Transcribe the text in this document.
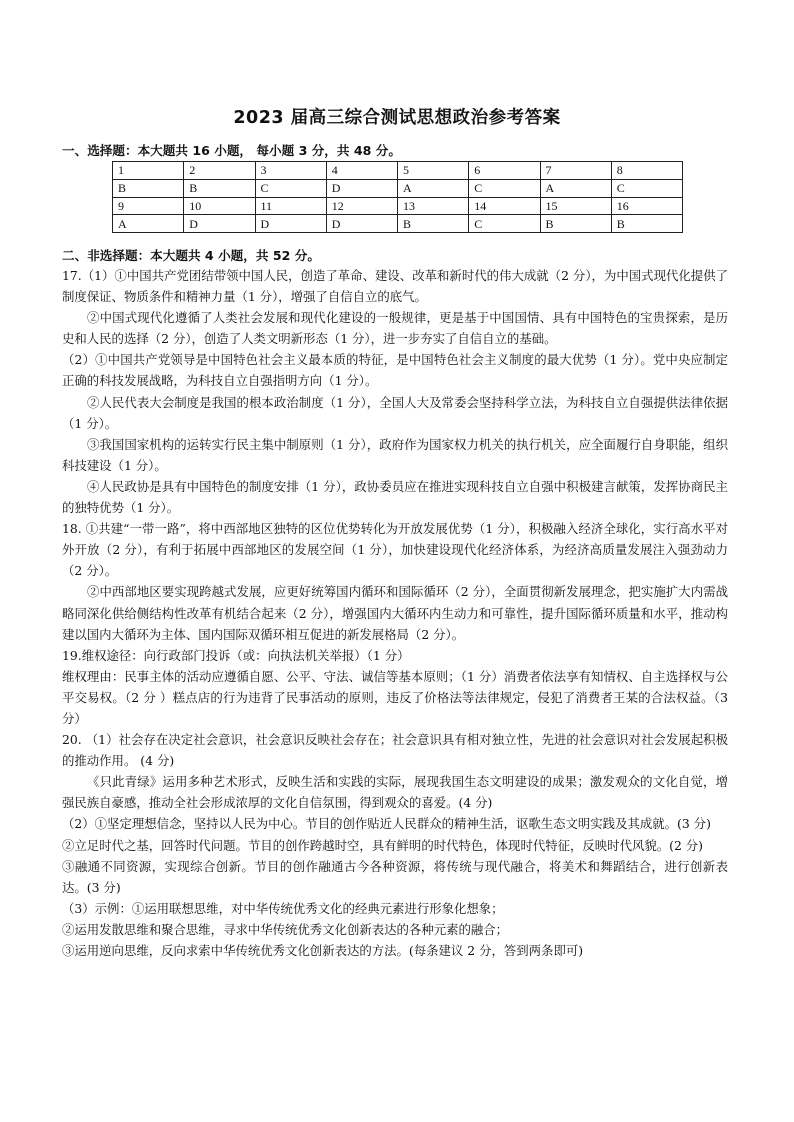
2023 届高三综合测试思想政治参考答案
一、选择题：本大题共 16 小题， 每小题 3 分，共 48 分。
1	2	3	4	5	6	7	8
B	B	C	D	A	C	A	C
9	10	11	12	13	14	15	16
A	D	D	D	B	C	B	B
二、非选择题：本大题共 4 小题，共 52 分。

17.（1）①中国共产党团结带领中国人民，创造了革命、建设、改革和新时代的伟大成就（2 分），为中国式现代化提供了制度保证、物质条件和精神力量（1 分），增强了自信自立的底气。

②中国式现代化遵循了人类社会发展和现代化建设的一般规律，更是基于中国国情、具有中国特色的宝贵探索，是历史和人民的选择（2 分），创造了人类文明新形态（1 分），进一步夯实了自信自立的基础。

（2）①中国共产党领导是中国特色社会主义最本质的特征，是中国特色社会主义制度的最大优势（1 分）。党中央应制定正确的科技发展战略，为科技自立自强指明方向（1 分）。

②人民代表大会制度是我国的根本政治制度（1 分），全国人大及常委会坚持科学立法，为科技自立自强提供法律依据（1 分）。

③我国国家机构的运转实行民主集中制原则（1 分），政府作为国家权力机关的执行机关，应全面履行自身职能，组织科技建设（1 分）。

④人民政协是具有中国特色的制度安排（1 分），政协委员应在推进实现科技自立自强中积极建言献策，发挥协商民主的独特优势（1 分）。

18. ①共建“一带一路”，将中西部地区独特的区位优势转化为开放发展优势（1 分），积极融入经济全球化，实行高水平对外开放（2 分），有利于拓展中西部地区的发展空间（1 分），加快建设现代化经济体系，为经济高质量发展注入强劲动力（2 分）。

②中西部地区要实现跨越式发展，应更好统筹国内循环和国际循环（2 分），全面贯彻新发展理念，把实施扩大内需战略同深化供给侧结构性改革有机结合起来（2 分），增强国内大循环内生动力和可靠性，提升国际循环质量和水平，推动构建以国内大循环为主体、国内国际双循环相互促进的新发展格局（2 分）。

19.维权途径：向行政部门投诉（或：向执法机关举报）（1 分）

维权理由：民事主体的活动应遵循自愿、公平、守法、诚信等基本原则；（1 分）消费者依法享有知情权、自主选择权与公平交易权。（2 分 ）糕点店的行为违背了民事活动的原则，违反了价格法等法律规定，侵犯了消费者王某的合法权益。（3 分）

20. （1）社会存在决定社会意识，社会意识反映社会存在；社会意识具有相对独立性，先进的社会意识对社会发展起积极的推动作用。 (4 分)

《只此青绿》运用多种艺术形式，反映生活和实践的实际，展现我国生态文明建设的成果；激发观众的文化自觉，增强民族自豪感，推动全社会形成浓厚的文化自信氛围，得到观众的喜爱。(4 分)

（2）①坚定理想信念，坚持以人民为中心。节目的创作贴近人民群众的精神生活，讴歌生态文明实践及其成就。(3 分)

②立足时代之基，回答时代问题。节目的创作跨越时空，具有鲜明的时代特色，体现时代特征，反映时代风貌。(2 分)

③融通不同资源，实现综合创新。节目的创作融通古今各种资源，将传统与现代融合，将美术和舞蹈结合，进行创新表达。(3 分)

（3）示例：①运用联想思维，对中华传统优秀文化的经典元素进行形象化想象；

②运用发散思维和聚合思维，寻求中华传统优秀文化创新表达的各种元素的融合；

③运用逆向思维，反向求索中华传统优秀文化创新表达的方法。(每条建议 2 分，答到两条即可)
